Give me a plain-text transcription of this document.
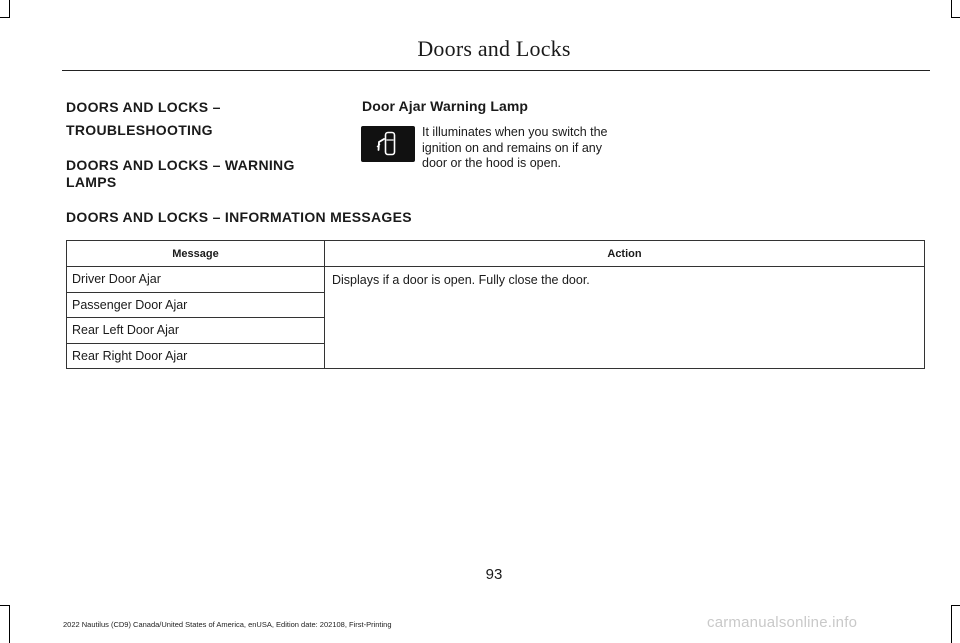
Doors and Locks
DOORS AND LOCKS –
TROUBLESHOOTING
DOORS AND LOCKS – WARNING
LAMPS
Door Ajar Warning Lamp
It illuminates when you switch the
ignition on and remains on if any
door or the hood is open.
DOORS AND LOCKS – INFORMATION MESSAGES
Message	Action
Driver Door Ajar	Displays if a door is open. Fully close the door.
Passenger Door Ajar	
Rear Left Door Ajar	
Rear Right Door Ajar	
93
2022 Nautilus (CD9) Canada/United States of America, enUSA, Edition date: 202108, First-Printing	carmanualsonline.info
